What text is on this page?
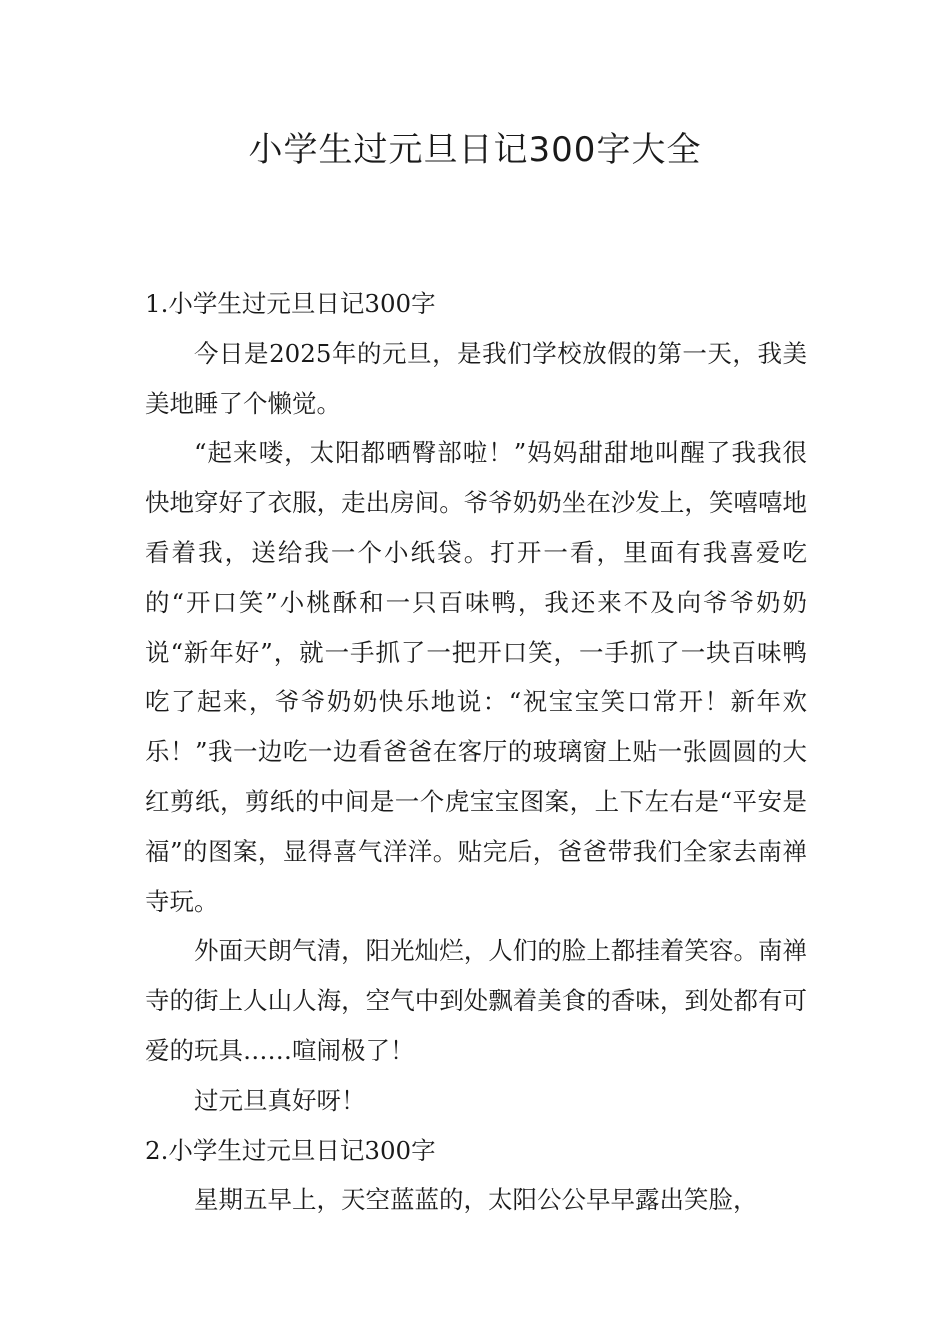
小学生过元旦日记300字大全

1.小学生过元旦日记300字

今日是2025年的元旦，是我们学校放假的第一天，我美美地睡了个懒觉。

“起来喽，太阳都晒臀部啦！”妈妈甜甜地叫醒了我我很快地穿好了衣服，走出房间。爷爷奶奶坐在沙发上，笑嘻嘻地看着我，送给我一个小纸袋。打开一看，里面有我喜爱吃的“开口笑”小桃酥和一只百味鸭，我还来不及向爷爷奶奶说“新年好”，就一手抓了一把开口笑，一手抓了一块百味鸭吃了起来，爷爷奶奶快乐地说：“祝宝宝笑口常开！新年欢乐！”我一边吃一边看爸爸在客厅的玻璃窗上贴一张圆圆的大红剪纸，剪纸的中间是一个虎宝宝图案，上下左右是“平安是福”的图案，显得喜气洋洋。贴完后，爸爸带我们全家去南禅寺玩。

外面天朗气清，阳光灿烂，人们的脸上都挂着笑容。南禅寺的街上人山人海，空气中到处飘着美食的香味，到处都有可爱的玩具……喧闹极了！

过元旦真好呀！

2.小学生过元旦日记300字

星期五早上，天空蓝蓝的，太阳公公早早露出笑脸，
